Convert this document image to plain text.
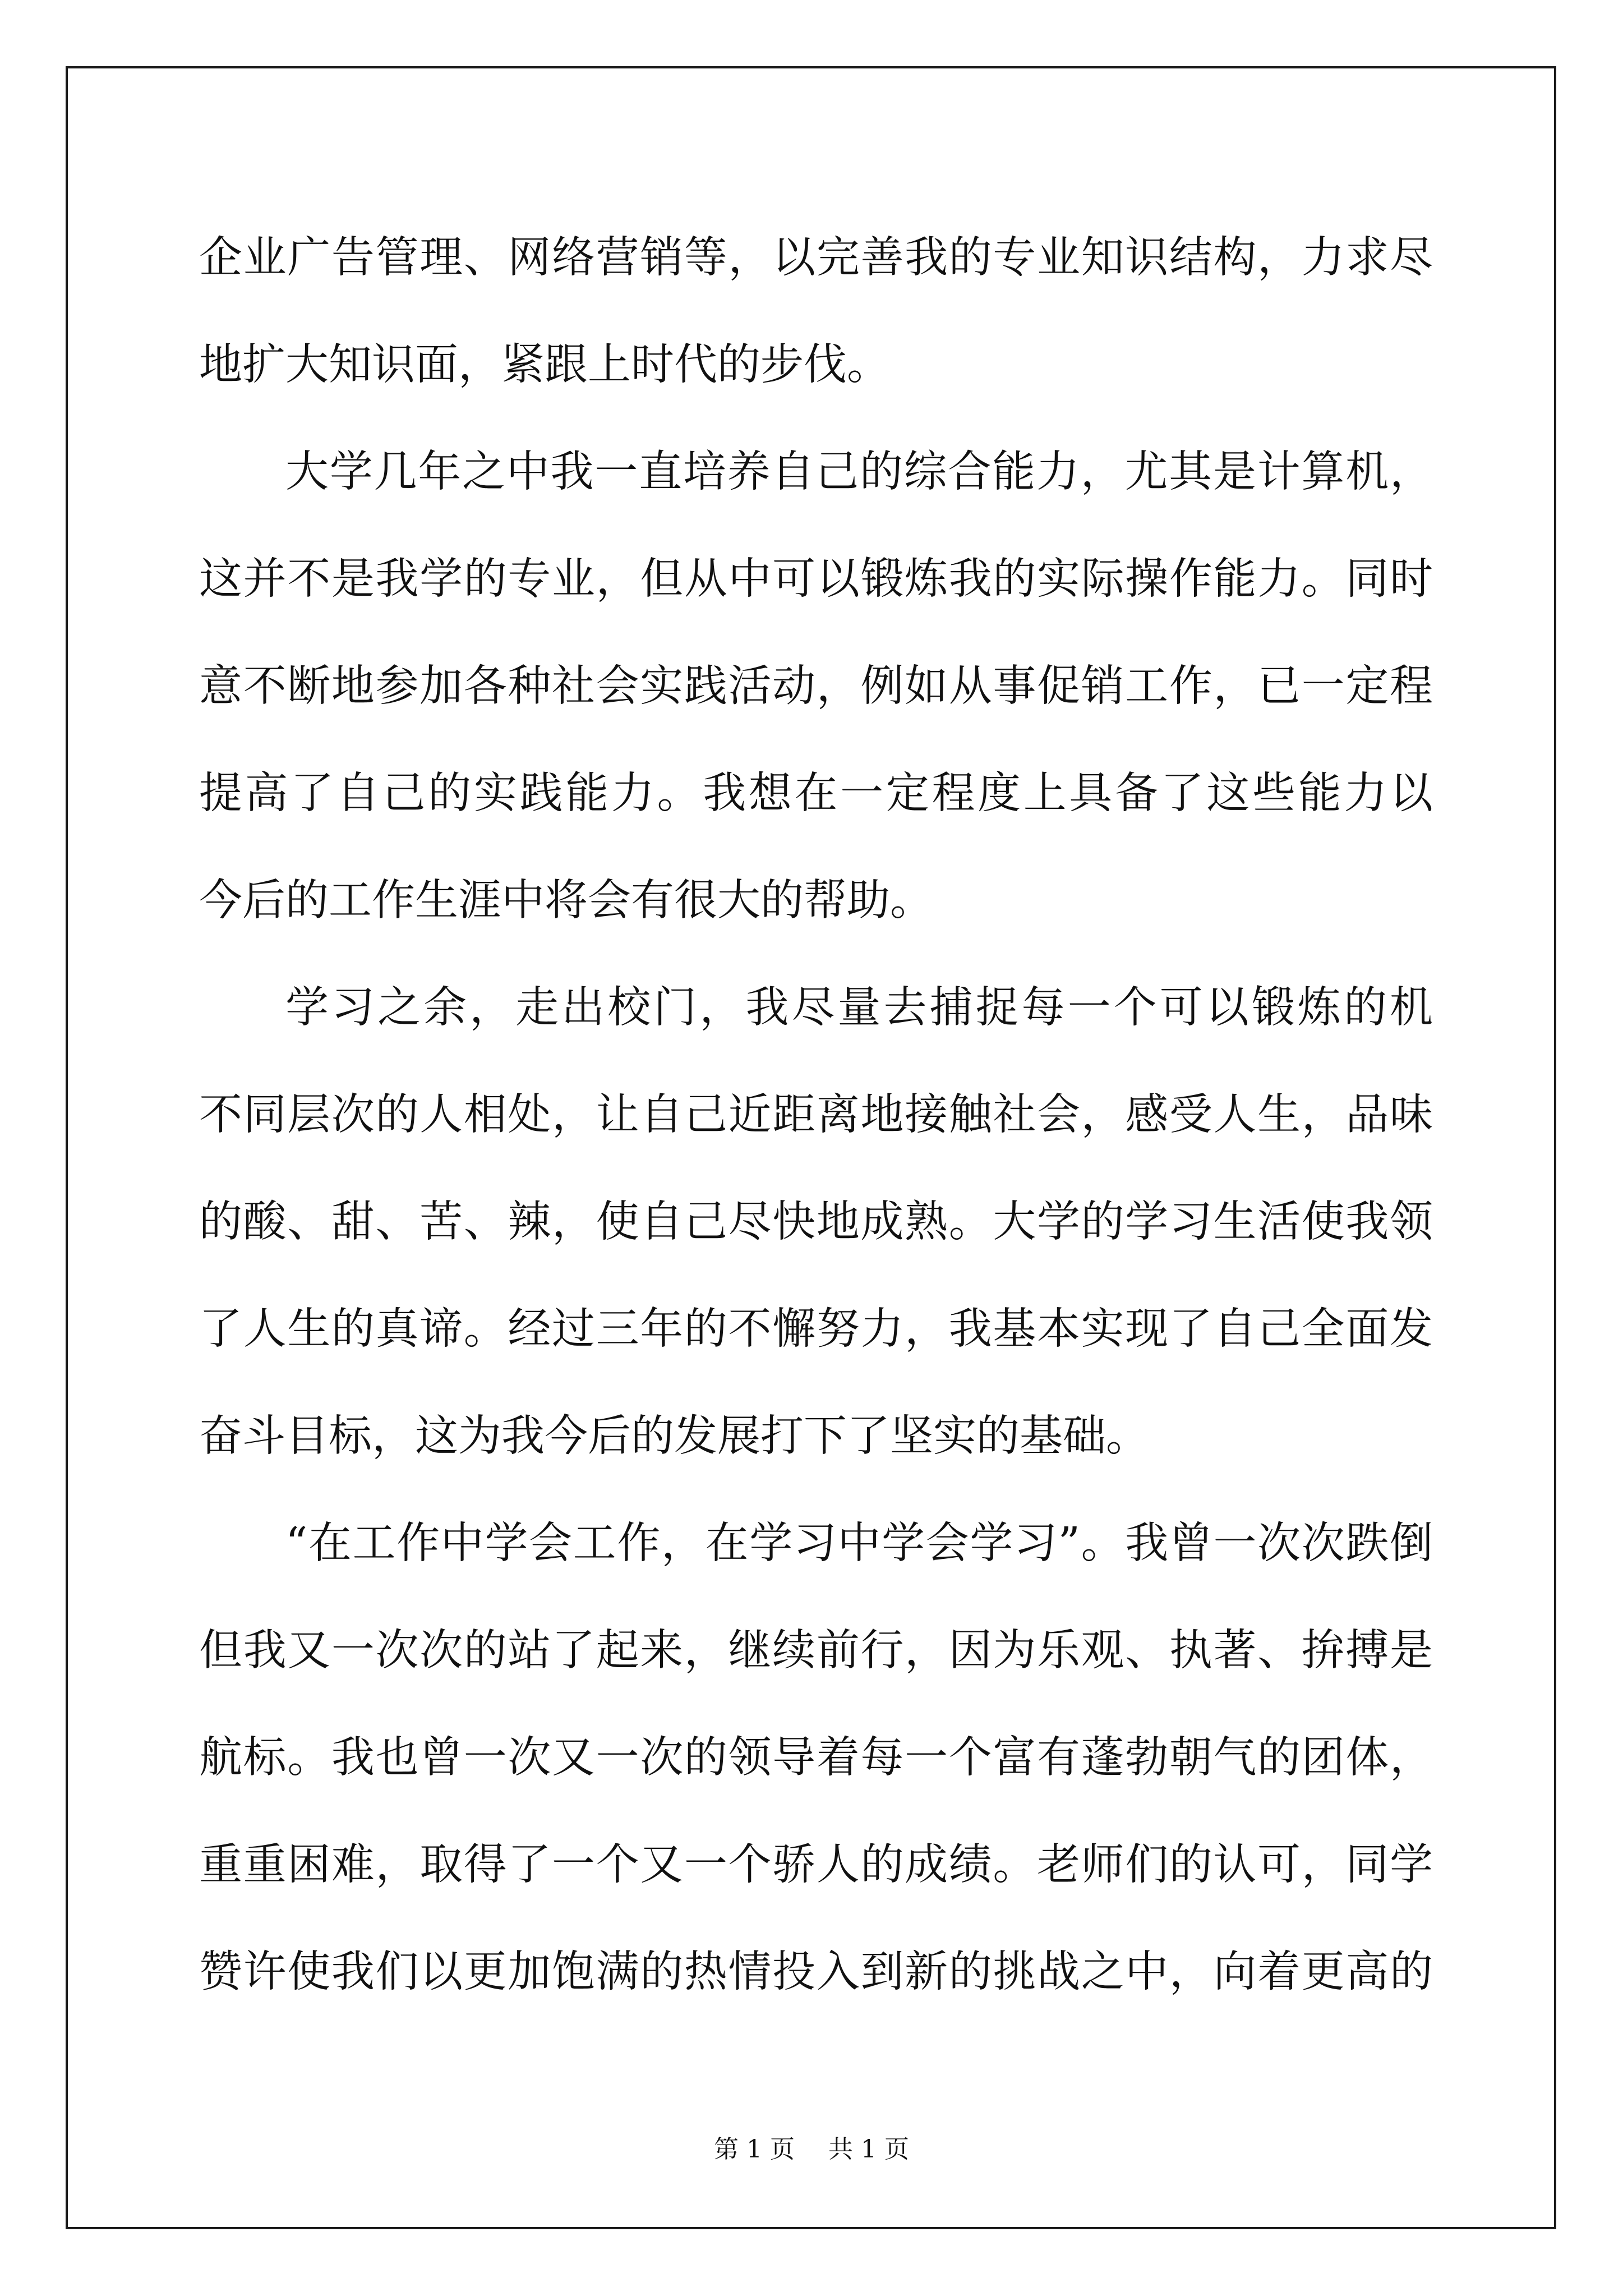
企业广告管理、网络营销等，以完善我的专业知识结构，力求尽
地扩大知识面，紧跟上时代的步伐。
大学几年之中我一直培养自己的综合能力，尤其是计算机，
这并不是我学的专业，但从中可以锻炼我的实际操作能力。同时
意不断地参加各种社会实践活动，例如从事促销工作，已一定程
提高了自己的实践能力。我想在一定程度上具备了这些能力以
今后的工作生涯中将会有很大的帮助。
学习之余，走出校门，我尽量去捕捉每一个可以锻炼的机
不同层次的人相处，让自己近距离地接触社会，感受人生，品味
的酸、甜、苦、辣，使自己尽快地成熟。大学的学习生活使我领
了人生的真谛。经过三年的不懈努力，我基本实现了自己全面发
奋斗目标，这为我今后的发展打下了坚实的基础。
“在工作中学会工作，在学习中学会学习”。我曾一次次跌倒
但我又一次次的站了起来，继续前行，因为乐观、执著、拚搏是
航标。我也曾一次又一次的领导着每一个富有蓬勃朝气的团体，
重重困难，取得了一个又一个骄人的成绩。老师们的认可，同学
赞许使我们以更加饱满的热情投入到新的挑战之中，向着更高的
第 1 页 共 1 页
